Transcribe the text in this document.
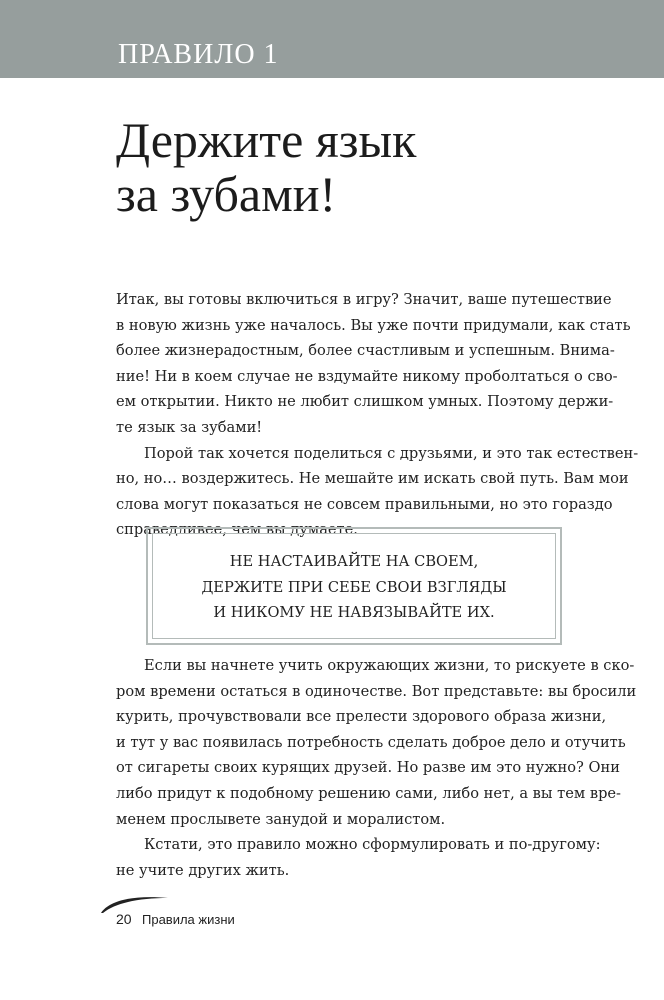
ПРАВИЛО 1
Держите язык
за зубами!

Итак, вы готовы включиться в игру? Значит, ваше путешествие
в новую жизнь уже началось. Вы уже почти придумали, как стать
более жизнерадостным, более счастливым и успешным. Внима-
ние! Ни в коем случае не вздумайте никому проболтаться о сво-
ем открытии. Никто не любит слишком умных. Поэтому держи-
те язык за зубами!

Порой так хочется поделиться с друзьями, и это так естествен-
но, но… воздержитесь. Не мешайте им искать свой путь. Вам мои
слова могут показаться не совсем правильными, но это гораздо
справедливее, чем вы думаете.

НЕ НАСТАИВАЙТЕ НА СВОЕМ,
ДЕРЖИТЕ ПРИ СЕБЕ СВОИ ВЗГЛЯДЫ
И НИКОМУ НЕ НАВЯЗЫВАЙТЕ ИХ.

Если вы начнете учить окружающих жизни, то рискуете в ско-
ром времени остаться в одиночестве. Вот представьте: вы бросили
курить, прочувствовали все прелести здорового образа жизни,
и тут у вас появилась потребность сделать доброе дело и отучить
от сигареты своих курящих друзей. Но разве им это нужно? Они
либо придут к подобному решению сами, либо нет, а вы тем вре-
менем прослывете занудой и моралистом.

Кстати, это правило можно сформулировать и по-другому:
не учите других жить.

20 Правила жизни
